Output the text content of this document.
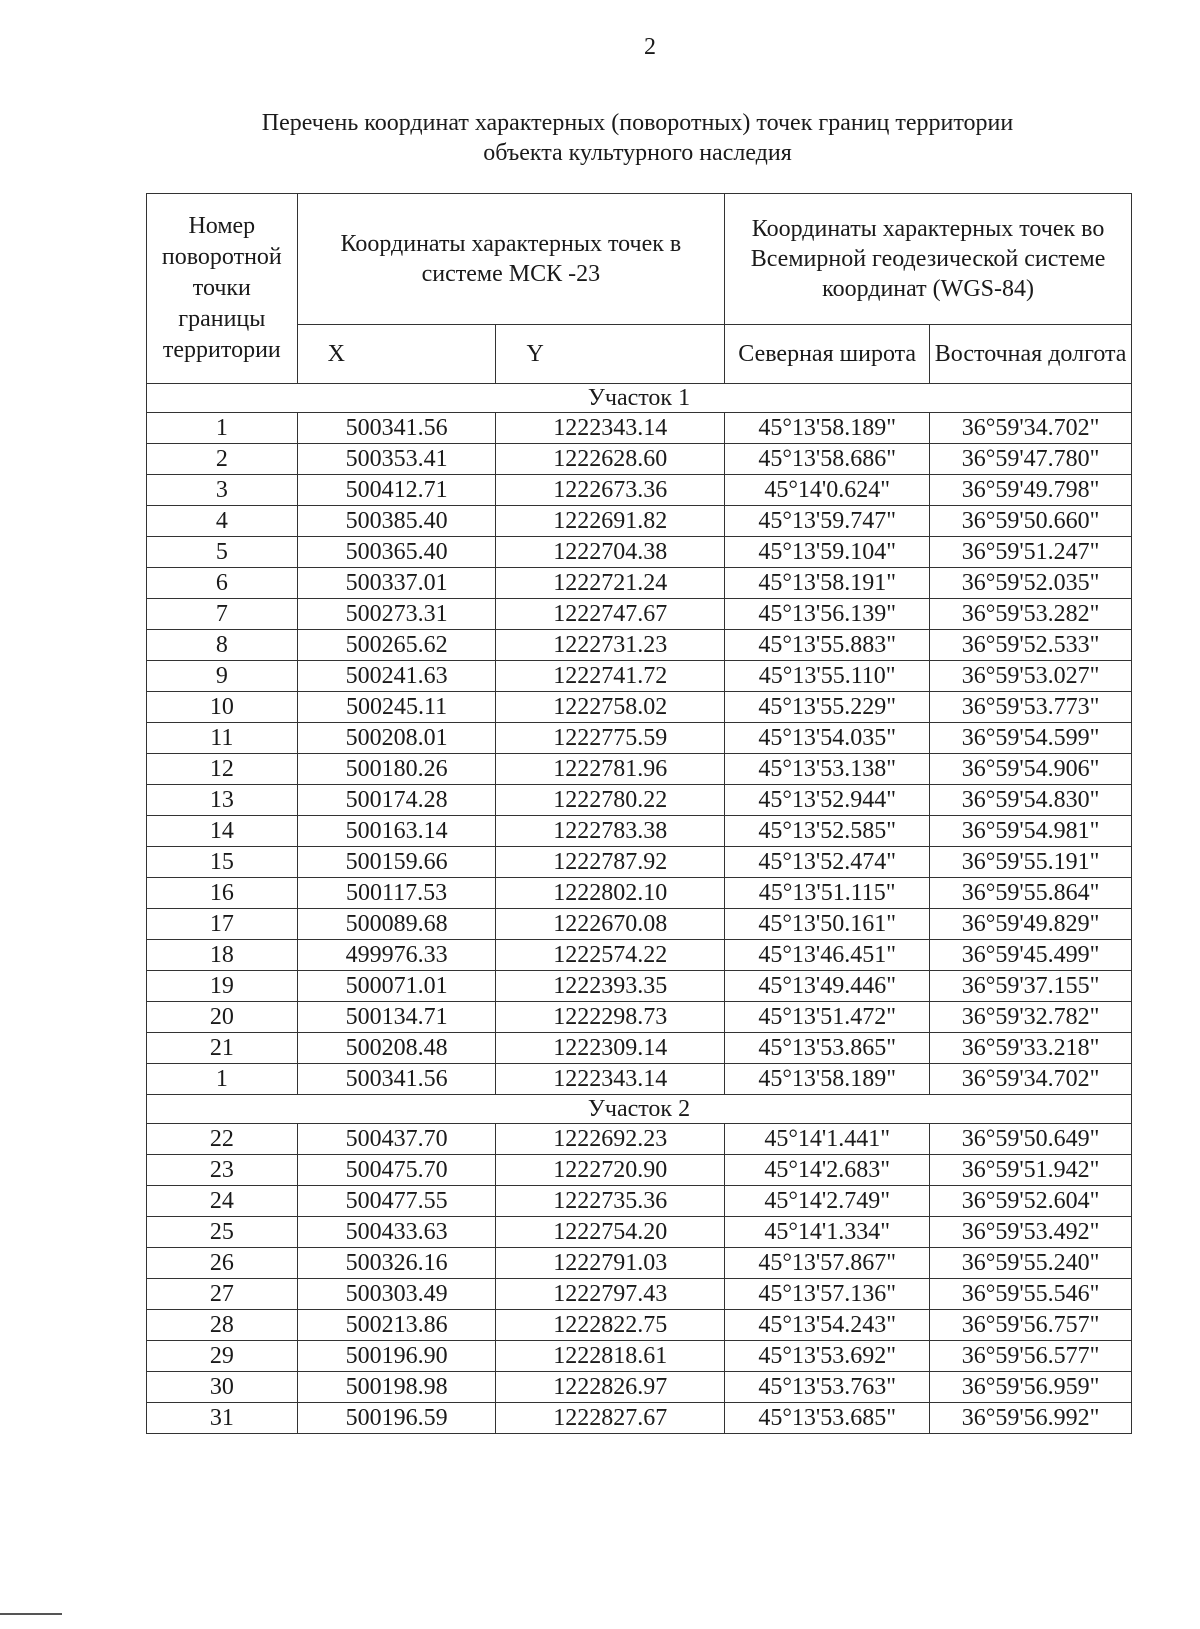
2
Перечень координат характерных (поворотных) точек границ территории
объекта культурного наследия
Номер поворотной точки границы территории	Координаты характерных точек в системе МСК -23		Координаты характерных точек во Всемирной геодезической системе координат (WGS-84)	
	X	Y	Северная широта	Восточная долгота
Участок 1				
1	500341.56	1222343.14	45°13'58.189"	36°59'34.702"
2	500353.41	1222628.60	45°13'58.686"	36°59'47.780"
3	500412.71	1222673.36	45°14'0.624"	36°59'49.798"
4	500385.40	1222691.82	45°13'59.747"	36°59'50.660"
5	500365.40	1222704.38	45°13'59.104"	36°59'51.247"
6	500337.01	1222721.24	45°13'58.191"	36°59'52.035"
7	500273.31	1222747.67	45°13'56.139"	36°59'53.282"
8	500265.62	1222731.23	45°13'55.883"	36°59'52.533"
9	500241.63	1222741.72	45°13'55.110"	36°59'53.027"
10	500245.11	1222758.02	45°13'55.229"	36°59'53.773"
11	500208.01	1222775.59	45°13'54.035"	36°59'54.599"
12	500180.26	1222781.96	45°13'53.138"	36°59'54.906"
13	500174.28	1222780.22	45°13'52.944"	36°59'54.830"
14	500163.14	1222783.38	45°13'52.585"	36°59'54.981"
15	500159.66	1222787.92	45°13'52.474"	36°59'55.191"
16	500117.53	1222802.10	45°13'51.115"	36°59'55.864"
17	500089.68	1222670.08	45°13'50.161"	36°59'49.829"
18	499976.33	1222574.22	45°13'46.451"	36°59'45.499"
19	500071.01	1222393.35	45°13'49.446"	36°59'37.155"
20	500134.71	1222298.73	45°13'51.472"	36°59'32.782"
21	500208.48	1222309.14	45°13'53.865"	36°59'33.218"
1	500341.56	1222343.14	45°13'58.189"	36°59'34.702"
Участок 2				
22	500437.70	1222692.23	45°14'1.441"	36°59'50.649"
23	500475.70	1222720.90	45°14'2.683"	36°59'51.942"
24	500477.55	1222735.36	45°14'2.749"	36°59'52.604"
25	500433.63	1222754.20	45°14'1.334"	36°59'53.492"
26	500326.16	1222791.03	45°13'57.867"	36°59'55.240"
27	500303.49	1222797.43	45°13'57.136"	36°59'55.546"
28	500213.86	1222822.75	45°13'54.243"	36°59'56.757"
29	500196.90	1222818.61	45°13'53.692"	36°59'56.577"
30	500198.98	1222826.97	45°13'53.763"	36°59'56.959"
31	500196.59	1222827.67	45°13'53.685"	36°59'56.992"
